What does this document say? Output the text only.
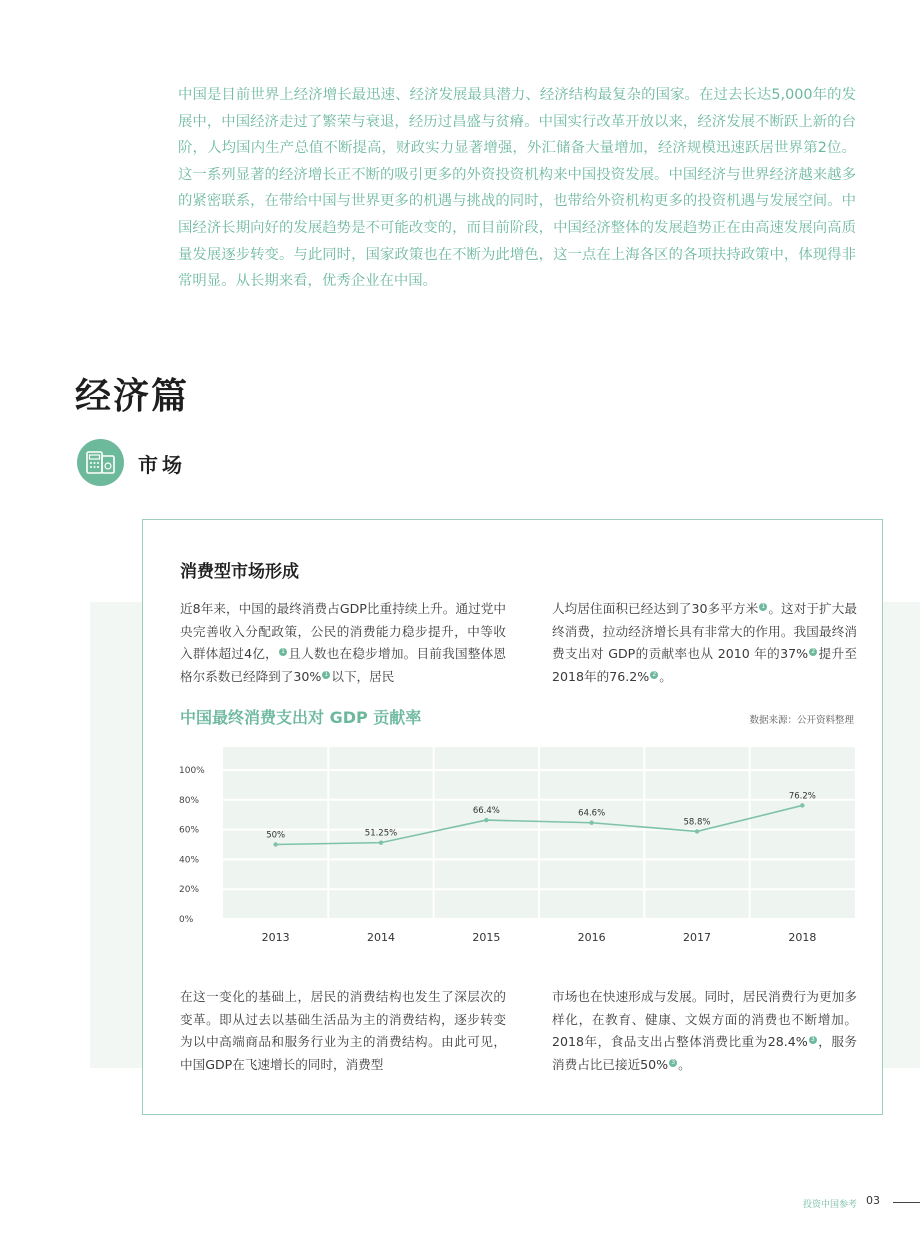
中国是目前世界上经济增长最迅速、经济发展最具潜力、经济结构最复杂的国家。在过去长达5,000年的发展中，中国经济走过了繁荣与衰退，经历过昌盛与贫瘠。中国实行改革开放以来，经济发展不断跃上新的台阶，人均国内生产总值不断提高，财政实力显著增强，外汇储备大量增加，经济规模迅速跃居世界第2位。这一系列显著的经济增长正不断的吸引更多的外资投资机构来中国投资发展。中国经济与世界经济越来越多的紧密联系，在带给中国与世界更多的机遇与挑战的同时，也带给外资机构更多的投资机遇与发展空间。中国经济长期向好的发展趋势是不可能改变的，而目前阶段，中国经济整体的发展趋势正在由高速发展向高质量发展逐步转变。与此同时，国家政策也在不断为此增色，这一点在上海各区的各项扶持政策中，体现得非常明显。从长期来看，优秀企业在中国。

经济篇
市场
消费型市场形成

近8年来，中国的最终消费占GDP比重持续上升。通过党中央完善收入分配政策，公民的消费能力稳步提升，中等收入群体超过4亿， 1 且人数也在稳步增加。目前我国整体恩格尔系数已经降到了30% 1 以下，居民

人均居住面积已经达到了30多平方米 1 。这对于扩大最终消费，拉动经济增长具有非常大的作用。我国最终消费支出对 GDP的贡献率也从 2010 年的37% 2 提升至2018年的76.2% 2 。

中国最终消费支出对 GDP 贡献率	数据来源：公开资料整理

0%
20%
40%
60%
80%
100%
50%
2013
51.25%
2014
66.4%
2015
64.6%
2016
58.8%
2017
76.2%
2018

在这一变化的基础上，居民的消费结构也发生了深层次的变革。即从过去以基础生活品为主的消费结构，逐步转变为以中高端商品和服务行业为主的消费结构。由此可见，中国GDP在飞速增长的同时，消费型

市场也在快速形成与发展。同时，居民消费行为更加多样化，在教育、健康、文娱方面的消费也不断增加。2018年，食品支出占整体消费比重为28.4% 3 ，服务消费占比已接近50% 3 。

投资中国参考 03
